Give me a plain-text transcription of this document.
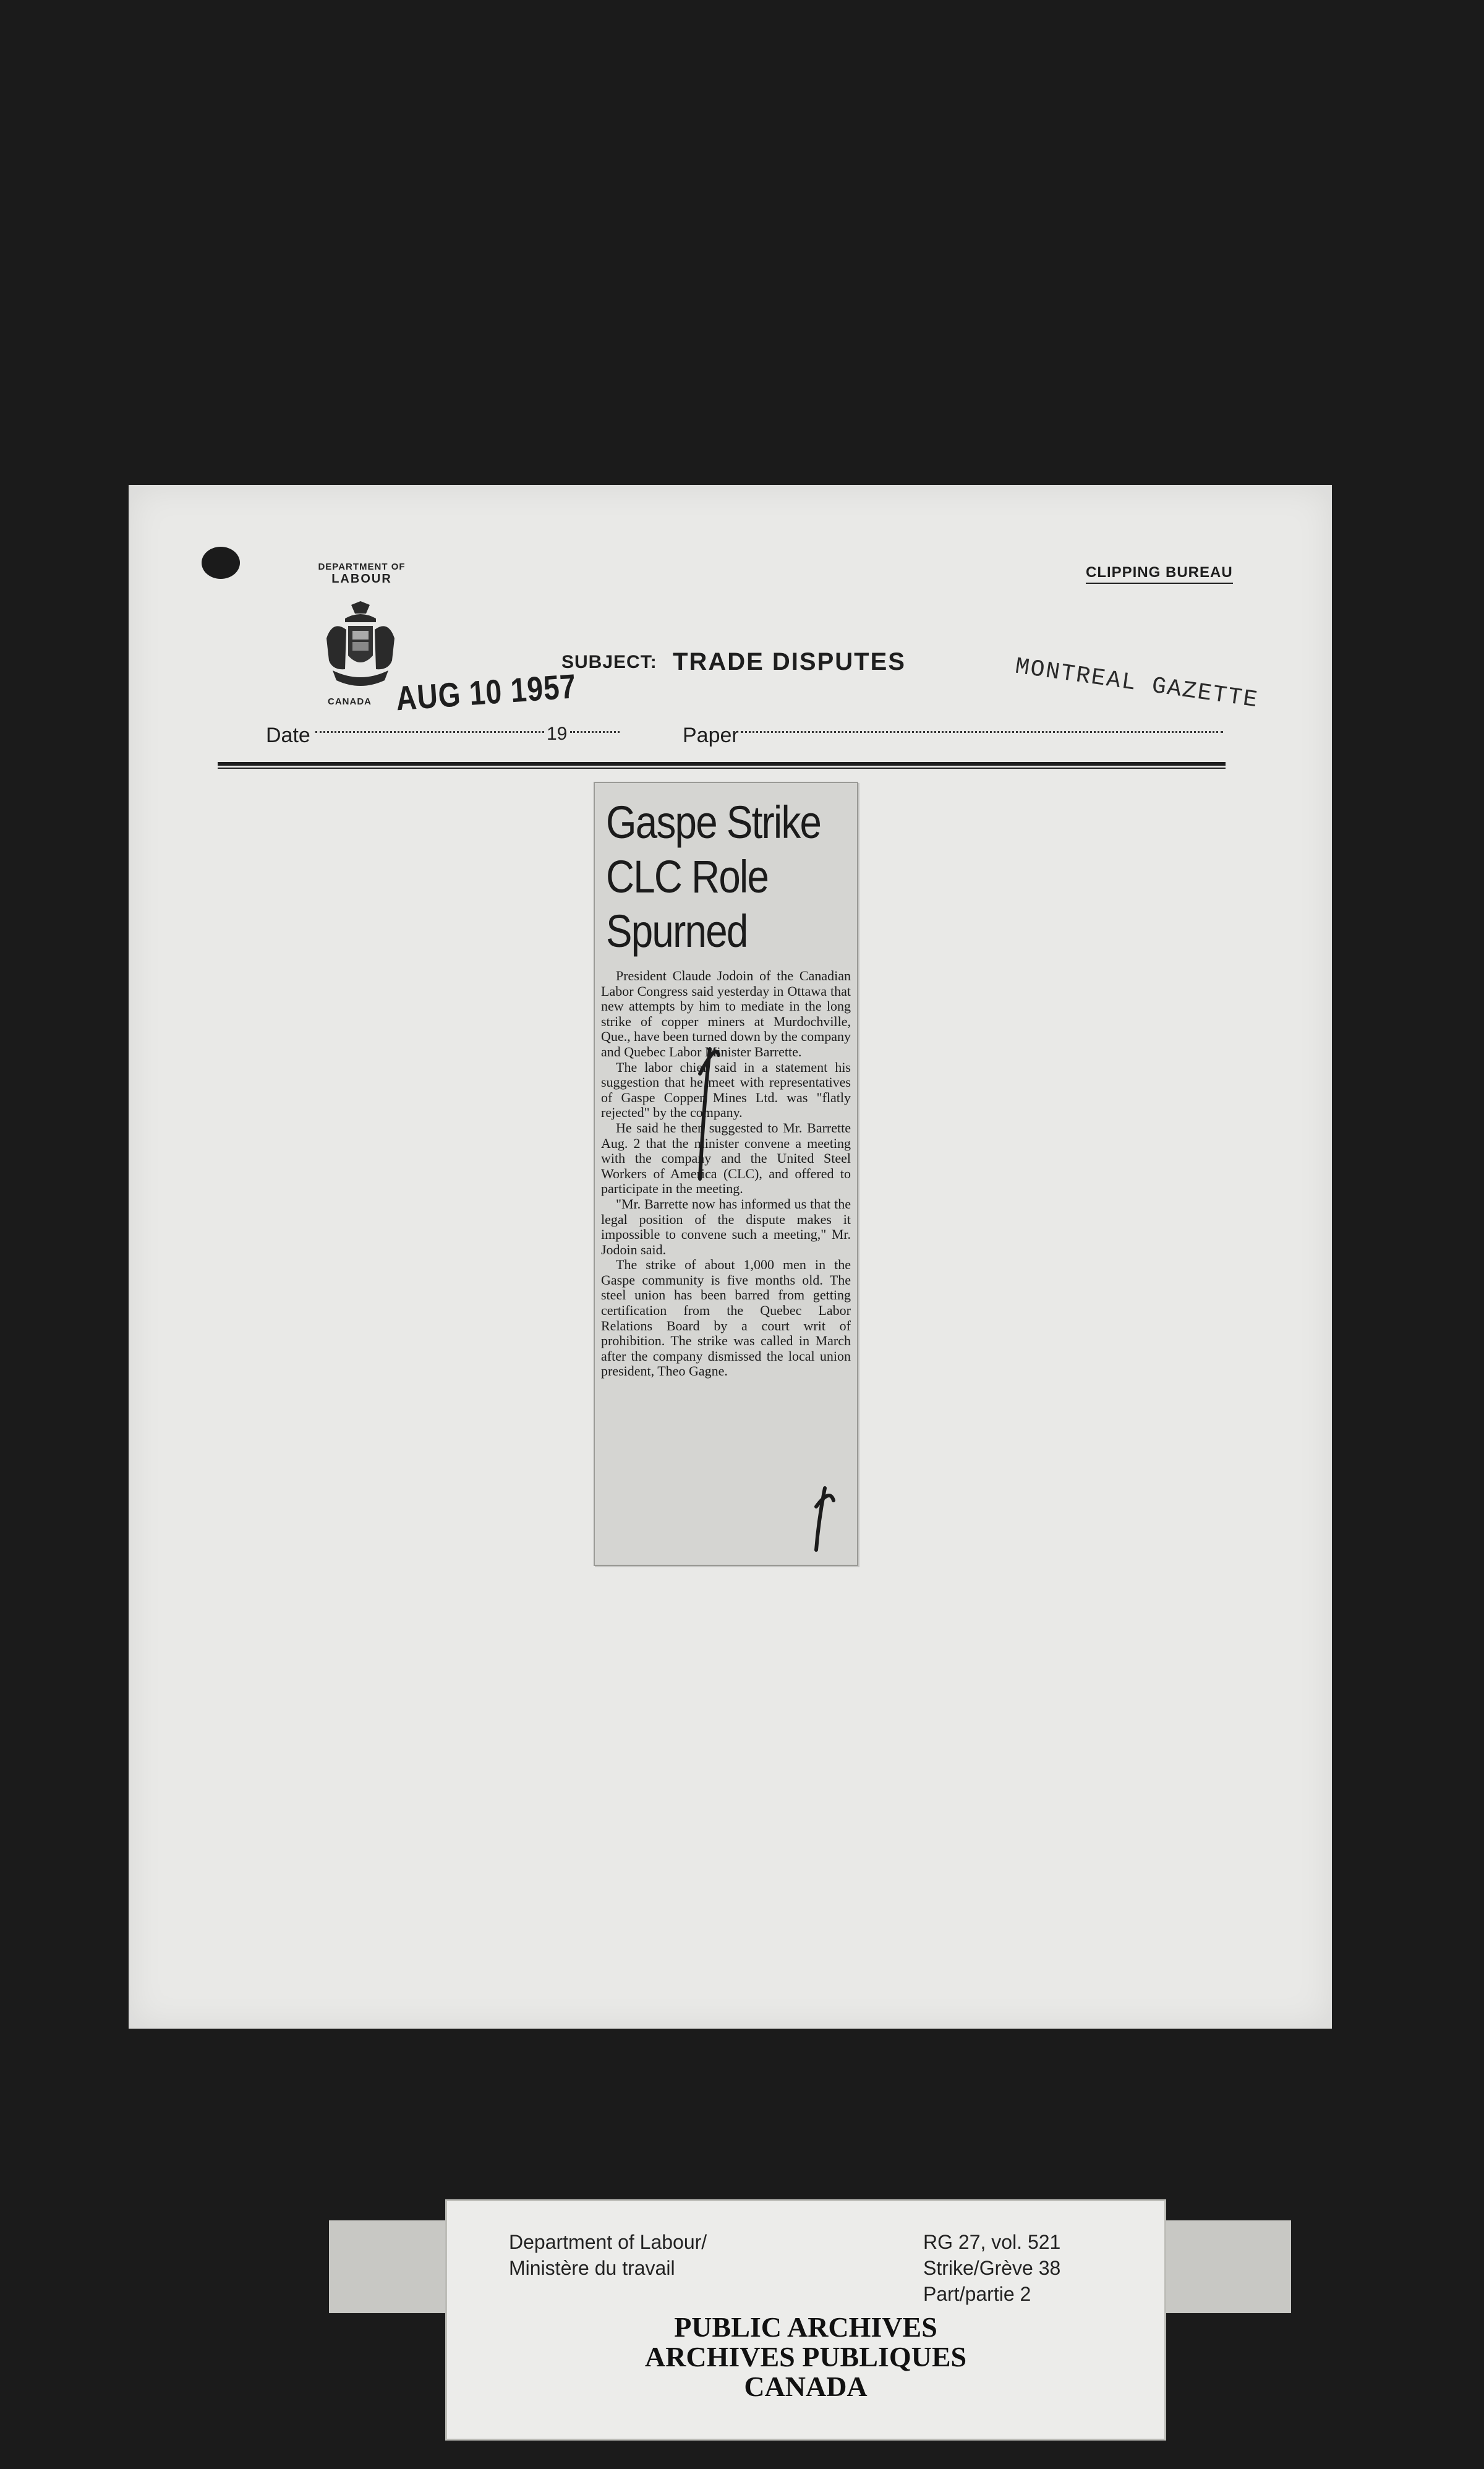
DEPARTMENT OF
LABOUR
CANADA AUG 10 1957
CLIPPING BUREAU
SUBJECT: TRADE DISPUTES	MONTREAL GAZETTE
Date	19	Paper
Gaspe Strike
CLC Role
Spurned

President Claude Jodoin of the Canadian Labor Congress said yesterday in Ottawa that new attempts by him to mediate in the long strike of copper miners at Murdochville, Que., have been turned down by the company and Quebec Labor Minister Barrette.

The labor chief said in a statement his suggestion that he meet with representatives of Gaspe Copper Mines Ltd. was "flatly rejected" by the company.

He said he then suggested to Mr. Barrette Aug. 2 that the minister convene a meeting with the company and the United Steel Workers of America (CLC), and offered to participate in the meeting.

"Mr. Barrette now has informed us that the legal position of the dispute makes it impossible to convene such a meeting," Mr. Jodoin said.

The strike of about 1,000 men in the Gaspe community is five months old. The steel union has been barred from getting certification from the Quebec Labor Relations Board by a court writ of prohibition. The strike was called in March after the company dismissed the local union president, Theo Gagne.

Department of Labour/
Ministère du travail
RG 27, vol. 521
Strike/Grève 38
Part/partie 2
PUBLIC ARCHIVES
ARCHIVES PUBLIQUES
CANADA
